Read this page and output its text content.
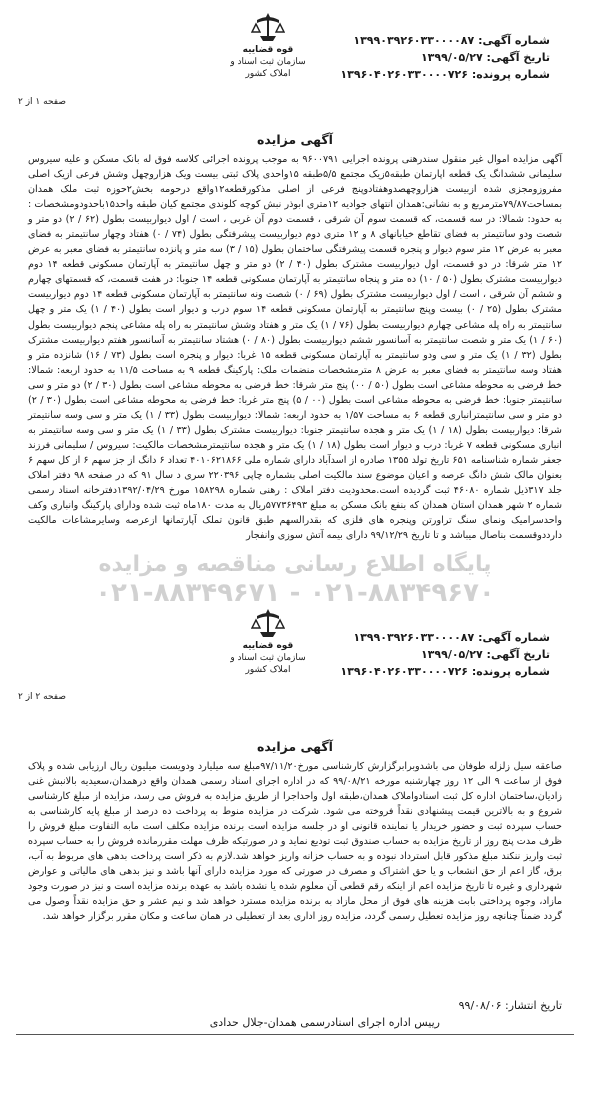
شماره آگهی: ۱۳۹۹۰۳۹۲۶۰۳۳۰۰۰۰۸۷
تاریخ آگهی: ۱۳۹۹/۰۵/۲۷
شماره پرونده: ۱۳۹۶۰۴۰۲۶۰۳۳۰۰۰۰۷۲۶
قوه قضاییه
سازمان ثبت اسناد و املاک کشور
صفحه ۱ از ۲
آگهی مزایده

آگهی مزایده اموال غیر منقول سندرهنی پرونده اجرایی ۹۶۰۰۷۹۱ به موجب پرونده اجرائی کلاسه فوق له بانک مسکن و علیه سیروس سلیمانی ششدانگ یک قطعه اپارتمان طبقه۵زیک مجتمع ۵/۵طبقه ۱۵واحدی پلاک ثبتی بیست ویک هزاروچهل وشش فرعی ازیک اصلی مفروزومجزی شده ازبیست هزاروچهصدوهفتادوپنج فرعی از اصلی مذکورقطعه۱۲واقع درحومه بخش۲حوزه ثبت ملک همدان بمساحت۷۹/۸۷مترمربع و به نشانی:همدان انتهای جواديه ۱۲متری ابوذر نبش کوچه کلوندی مجتمع کیان طبقه واحد۱۵باحدودومشخصات : به حدود: شمالا: در سه قسمت، که قسمت سوم آن شرقی ، قسمت دوم آن غربی ، است / اول دیواربیست بطول (۶۲ / ۲) دو متر و شصت ودو سانتیمتر به فضای تقاطع خیابانهای ۸ و ۱۲ متری دوم دیواربیست پیشرفتگی بطول (۷۴ / ۰) هفتاد وچهار سانتیمتر به فضای معبر به عرض ۱۲ متر سوم دیوار و پنجره قسمت پیشرفتگی ساختمان بطول (۱۵ / ۳) سه متر و پانزده سانتیمتر به فضای معبر به عرض ۱۲ متر شرقا: در دو قسمت، اول دیواربیست مشترک بطول (۴۰ / ۲) دو متر و چهل سانتیمتر به آپارتمان مسکونی قطعه ۱۴ دوم دیواربیست مشترک بطول (۵۰ / ۱۰) ده متر و پنجاه سانتیمتر به آپارتمان مسکونی قطعه ۱۴ جنوبا: در هفت قسمت، که قسمتهای چهارم و ششم آن شرقی ، است / اول دیواربیست مشترک بطول (۶۹ / ۰) شصت ونه سانتیمتر به آپارتمان مسکونی قطعه ۱۴ دوم دیواربیست مشترک بطول (۲۵ / ۰) بیست وپنج سانتیمتر به آپارتمان مسکونی قطعه ۱۴ سوم درب و دیوار است بطول (۴۰ / ۱) یک متر و چهل سانتیمتر به راه پله مشاعی چهارم دیواربیست بطول (۷۶ / ۱) یک متر و هفتاد وشش سانتیمتر به راه پله مشاعی پنجم دیواربیست بطول (۶۰ / ۱) یک متر و شصت سانتیمتر به آسانسور ششم دیواربیست بطول (۸۰ / ۰) هشتاد سانتیمتر به آسانسور هفتم دیواربیست مشترک بطول (۳۲ / ۱) یک متر و سی ودو سانتیمتر به آپارتمان مسکونی قطعه ۱۵ غربا: دیوار و پنجره است بطول (۷۳ / ۱۶) شانزده متر و هفتاد وسه سانتیمتر به فضای معبر به عرض ۸ مترمشخصات منضمات ملک: پارکینگ قطعه ۹ به مساحت ۱۱/۵ به حدود اربعه: شمالا: خط فرضی به محوطه مشاعی است بطول (۵۰ / ۰۰) پنج متر شرقا: خط فرضی به محوطه مشاعی است بطول (۳۰ / ۲) دو متر و سی سانتیمتر جنوبا: خط فرضی به محوطه مشاعی است بطول (۰۰ / ۵) پنج متر غربا: خط فرضی به محوطه مشاعی است بطول (۳۰ / ۲) دو متر و سی سانتیمترانباری قطعه ۶ به مساحت ۱/۵۷ به حدود اربعه: شمالا: دیواربیست بطول (۳۳ / ۱) یک متر و سی وسه سانتیمتر شرقا: دیواربیست بطول (۱۸ / ۱) یک متر و هجده سانتیمتر جنوبا: دیواربیست مشترک بطول (۳۳ / ۱) یک متر و سی وسه سانتیمتر به انباری مسکونی قطعه ۷ غربا: درب و دیوار است بطول (۱۸ / ۱) یک متر و هجده سانتیمترمشخصات مالکیت: سیروس / سلیمانی فرزند جعفر شماره شناسنامه ۶۵۱ تاریخ تولد ۱۳۵۵ صادره از اسدآباد دارای شماره ملی ۴۰۱۰۶۲۱۸۶۶ تعداد ۶ دانگ از جز سهم ۶ از کل سهم ۶ بعنوان مالک شش دانگ عرصه و اعیان موضوع سند مالکیت اصلی بشماره چاپی ۲۲۰۳۹۶ سری د سال ۹۱ که در صفحه ۹۸ دفتر املاک جلد ۳۱۷ذیل شماره ۴۶۰۸۰ ثبت گردیده است.محدودیت دفتر املاک : رهنی شماره ۱۵۸۲۹۸ مورخ ۱۳۹۲/۰۴/۲۹دفترخانه اسناد رسمی شماره ۲ شهر همدان استان همدان که بنفع بانک مسکن به مبلغ ۵۷۷۳۶۴۹۳ریال به مدت ۱۸۰ماه ثبت شده ودارای پارکینگ وانباری وکف واحدسرامیک ونمای سنگ تراورتن وپنجره های فلزی که بقدرالسهم طبق قانون تملک آپارتمانها ازعرصه وسایرمشاعات مالکیت دارددوقسمت بناصال میباشد و تا تاریخ ۹۹/۱۲/۲۹ دارای بیمه آتش سوزی وانفجار

پایگاه اطلاع رسانی مناقصه و مزایده
۰۲۱-۸۸۳۴۹۶۷۰ - ۰۲۱-۸۸۳۴۹۶۷۱
شماره آگهی: ۱۳۹۹۰۳۹۲۶۰۳۳۰۰۰۰۸۷
تاریخ آگهی: ۱۳۹۹/۰۵/۲۷
شماره پرونده: ۱۳۹۶۰۴۰۲۶۰۳۳۰۰۰۰۷۲۶
قوه قضاییه
سازمان ثبت اسناد و املاک کشور
صفحه ۲ از ۲
آگهی مزایده

صاعقه سیل زلزله طوفان می باشدوبرابرگزارش کارشناسی مورخ۹۷/۱۱/۲۰مبلغ سه میلیارد ودویست میلیون ریال ارزیابی شده و پلاک فوق از ساعت ۹ الی ۱۲ روز چهارشنبه مورخه ۹۹/۰۸/۲۱ که در اداره اجرای اسناد رسمی همدان واقع درهمدان،سعیدیه بالانبش غنی زادیان،ساختمان اداره کل ثبت اسنادواملاک همدان،طبقه اول واحداجرا از طریق مزایده به فروش می رسد، مزایده از مبلغ کارشناسی شروع و به بالاترین قیمت پیشنهادی نقداً فروخته می شود. شرکت در مزایده منوط به پرداخت ده درصد از مبلغ پایه کارشناسی به حساب سپرده ثبت و حضور خریدار یا نماینده قانونی او در جلسه مزایده است برنده مزایده مکلف است مابه التفاوت مبلغ فروش را ظرف مدت پنج روز از تاریخ مزایده به حساب صندوق ثبت تودیع نماید و در صورتیکه ظرف مهلت مقررمانده فروش را به حساب سپرده ثبت واریز ننکند مبلغ مذکور قابل استرداد نبوده و به حساب خزانه واریز خواهد شد.لازم به ذکر است پرداخت بدهی های مربوط به آب، برق، گاز اعم از حق انشعاب و یا حق اشتراک و مصرف در صورتی که مورد مزایده دارای آنها باشد و نیز بدهی های مالیاتی و عوارض شهرداری و غیره تا تاریخ مزایده اعم از اینکه رقم قطعی آن معلوم شده یا نشده باشد به عهده برنده مزایده است و نیز در صورت وجود مازاد، وجوه پرداختی بابت هزینه های فوق از محل مازاد به برنده مزایده مسترد خواهد شد و نیم عشر و حق مزایده نقداً وصول می گردد ضمناً چنانچه روز مزایده تعطیل رسمی گردد، مزایده روز اداری بعد از تعطیلی در همان ساعت و مکان مقرر برگزار خواهد شد.

تاریخ انتشار: ۹۹/۰۸/۰۶
رییس اداره اجرای اسنادرسمی همدان-جلال حدادی
